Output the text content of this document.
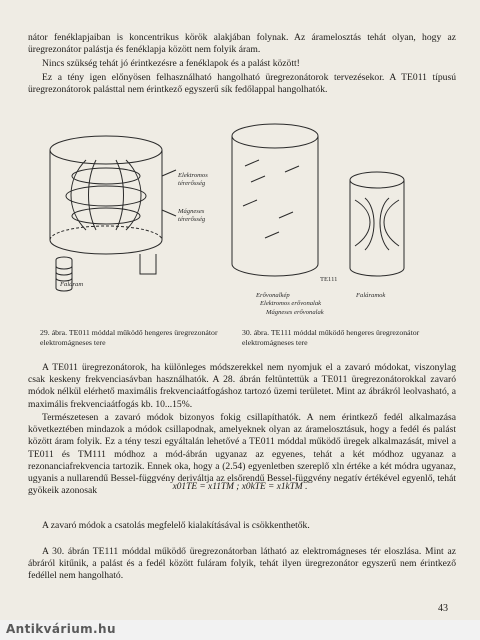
nátor fenéklapjaiban is koncentrikus körök alakjában folynak. Az áramelosztás tehát olyan, hogy az üregrezonátor palástja és fenéklapja között nem folyik áram.

Nincs szükség tehát jó érintkezésre a fenéklapok és a palást között!

Ez a tény igen előnyösen felhasználható hangolható üregrezonátorok tervezésekor. A TE011 típusú üregrezonátorok palásttal nem érintkező egyszerű sík fedőlappal hangolhatók.

Elektromos
térerősség
Mágneses
térerősség
Faláram

29. ábra. TE011 móddal működő hengeres üregrezonátor elektromágneses tere

TE111
Erővonalkép
Elektromos erővonalak
Mágneses erővonalak
Faláramok

30. ábra. TE111 móddal működő hengeres üregrezonátor elektromágneses tere

A TE011 üregrezonátorok, ha különleges módszerekkel nem nyomjuk el a zavaró módokat, viszonylag csak keskeny frekvenciasávban használhatók. A 28. ábrán feltüntettük a TE011 üregrezonátorokkal zavaró módok nélkül elérhető maximális frekvenciaátfogáshoz tartozó üzemi területet. Mint az ábrákról leolvasható, a maximális frekvenciaátfogás kb. 10...15%.

Természetesen a zavaró módok bizonyos fokig csillapíthatók. A nem érintkező fedél alkalmazása következtében mindazok a módok csillapodnak, amelyeknek olyan az áramelosztásuk, hogy a fedél és palást között áram folyik. Ez a tény teszi egyáltalán lehetővé a TE011 móddal működő üregek alkalmazását, mivel a TE011 és TM111 módhoz a mód-ábrán ugyanaz az egyenes, tehát a két módhoz ugyanaz a rezonanciafrekvencia tartozik. Ennek oka, hogy a (2.54) egyenletben szereplő xln értéke a két módra ugyanaz, ugyanis a nullarendű Bessel-függvény deriváltja az elsőrendű Bessel-függvény negatív értékével egyenlő, tehát gyökeik azonosak	x01TE = x11TM ; x0kTE = x1kTM .

A zavaró módok a csatolás megfelelő kialakításával is csökkenthetők.

A 30. ábrán TE111 móddal működő üregrezonátorban látható az elektromágneses tér eloszlása. Mint az ábráról kitűnik, a palást és a fedél között fuláram folyik, tehát ilyen üregrezonátor egyszerű nem érintkező fedéllel nem hangolható.

43
Antikvárium.hu
